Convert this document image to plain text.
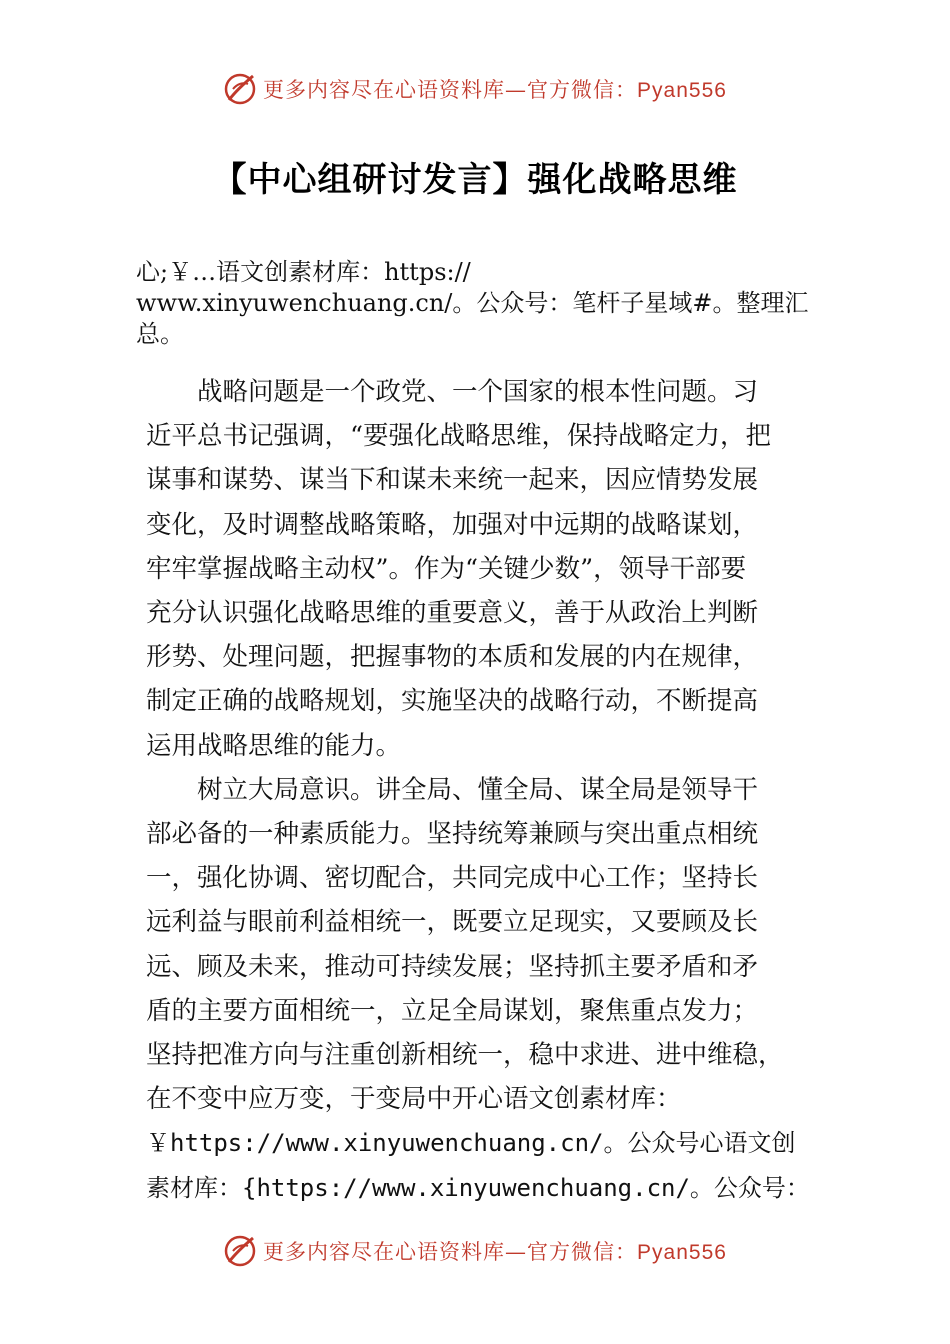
更多内容尽在心语资料库—官方微信：Pyan556
【中心组研讨发言】强化战略思维
心;￥…语文创素材库：https://
www.xinyuwenchuang.cn/。公众号：笔杆子星域#。整理汇
总。
　　战略问题是一个政党、一个国家的根本性问题。习
近平总书记强调，“要强化战略思维，保持战略定力，把
谋事和谋势、谋当下和谋未来统一起来，因应情势发展
变化，及时调整战略策略，加强对中远期的战略谋划，
牢牢掌握战略主动权”。作为“关键少数”，领导干部要
充分认识强化战略思维的重要意义，善于从政治上判断
形势、处理问题，把握事物的本质和发展的内在规律，
制定正确的战略规划，实施坚决的战略行动，不断提高
运用战略思维的能力。
　　树立大局意识。讲全局、懂全局、谋全局是领导干
部必备的一种素质能力。坚持统筹兼顾与突出重点相统
一，强化协调、密切配合，共同完成中心工作；坚持长
远利益与眼前利益相统一，既要立足现实，又要顾及长
远、顾及未来，推动可持续发展；坚持抓主要矛盾和矛
盾的主要方面相统一，立足全局谋划，聚焦重点发力；
坚持把准方向与注重创新相统一，稳中求进、进中维稳，
在不变中应万变，于变局中开心语文创素材库：
￥https://www.xinyuwenchuang.cn/。公众号心语文创
素材库：{https://www.xinyuwenchuang.cn/。公众号：
更多内容尽在心语资料库—官方微信：Pyan556
